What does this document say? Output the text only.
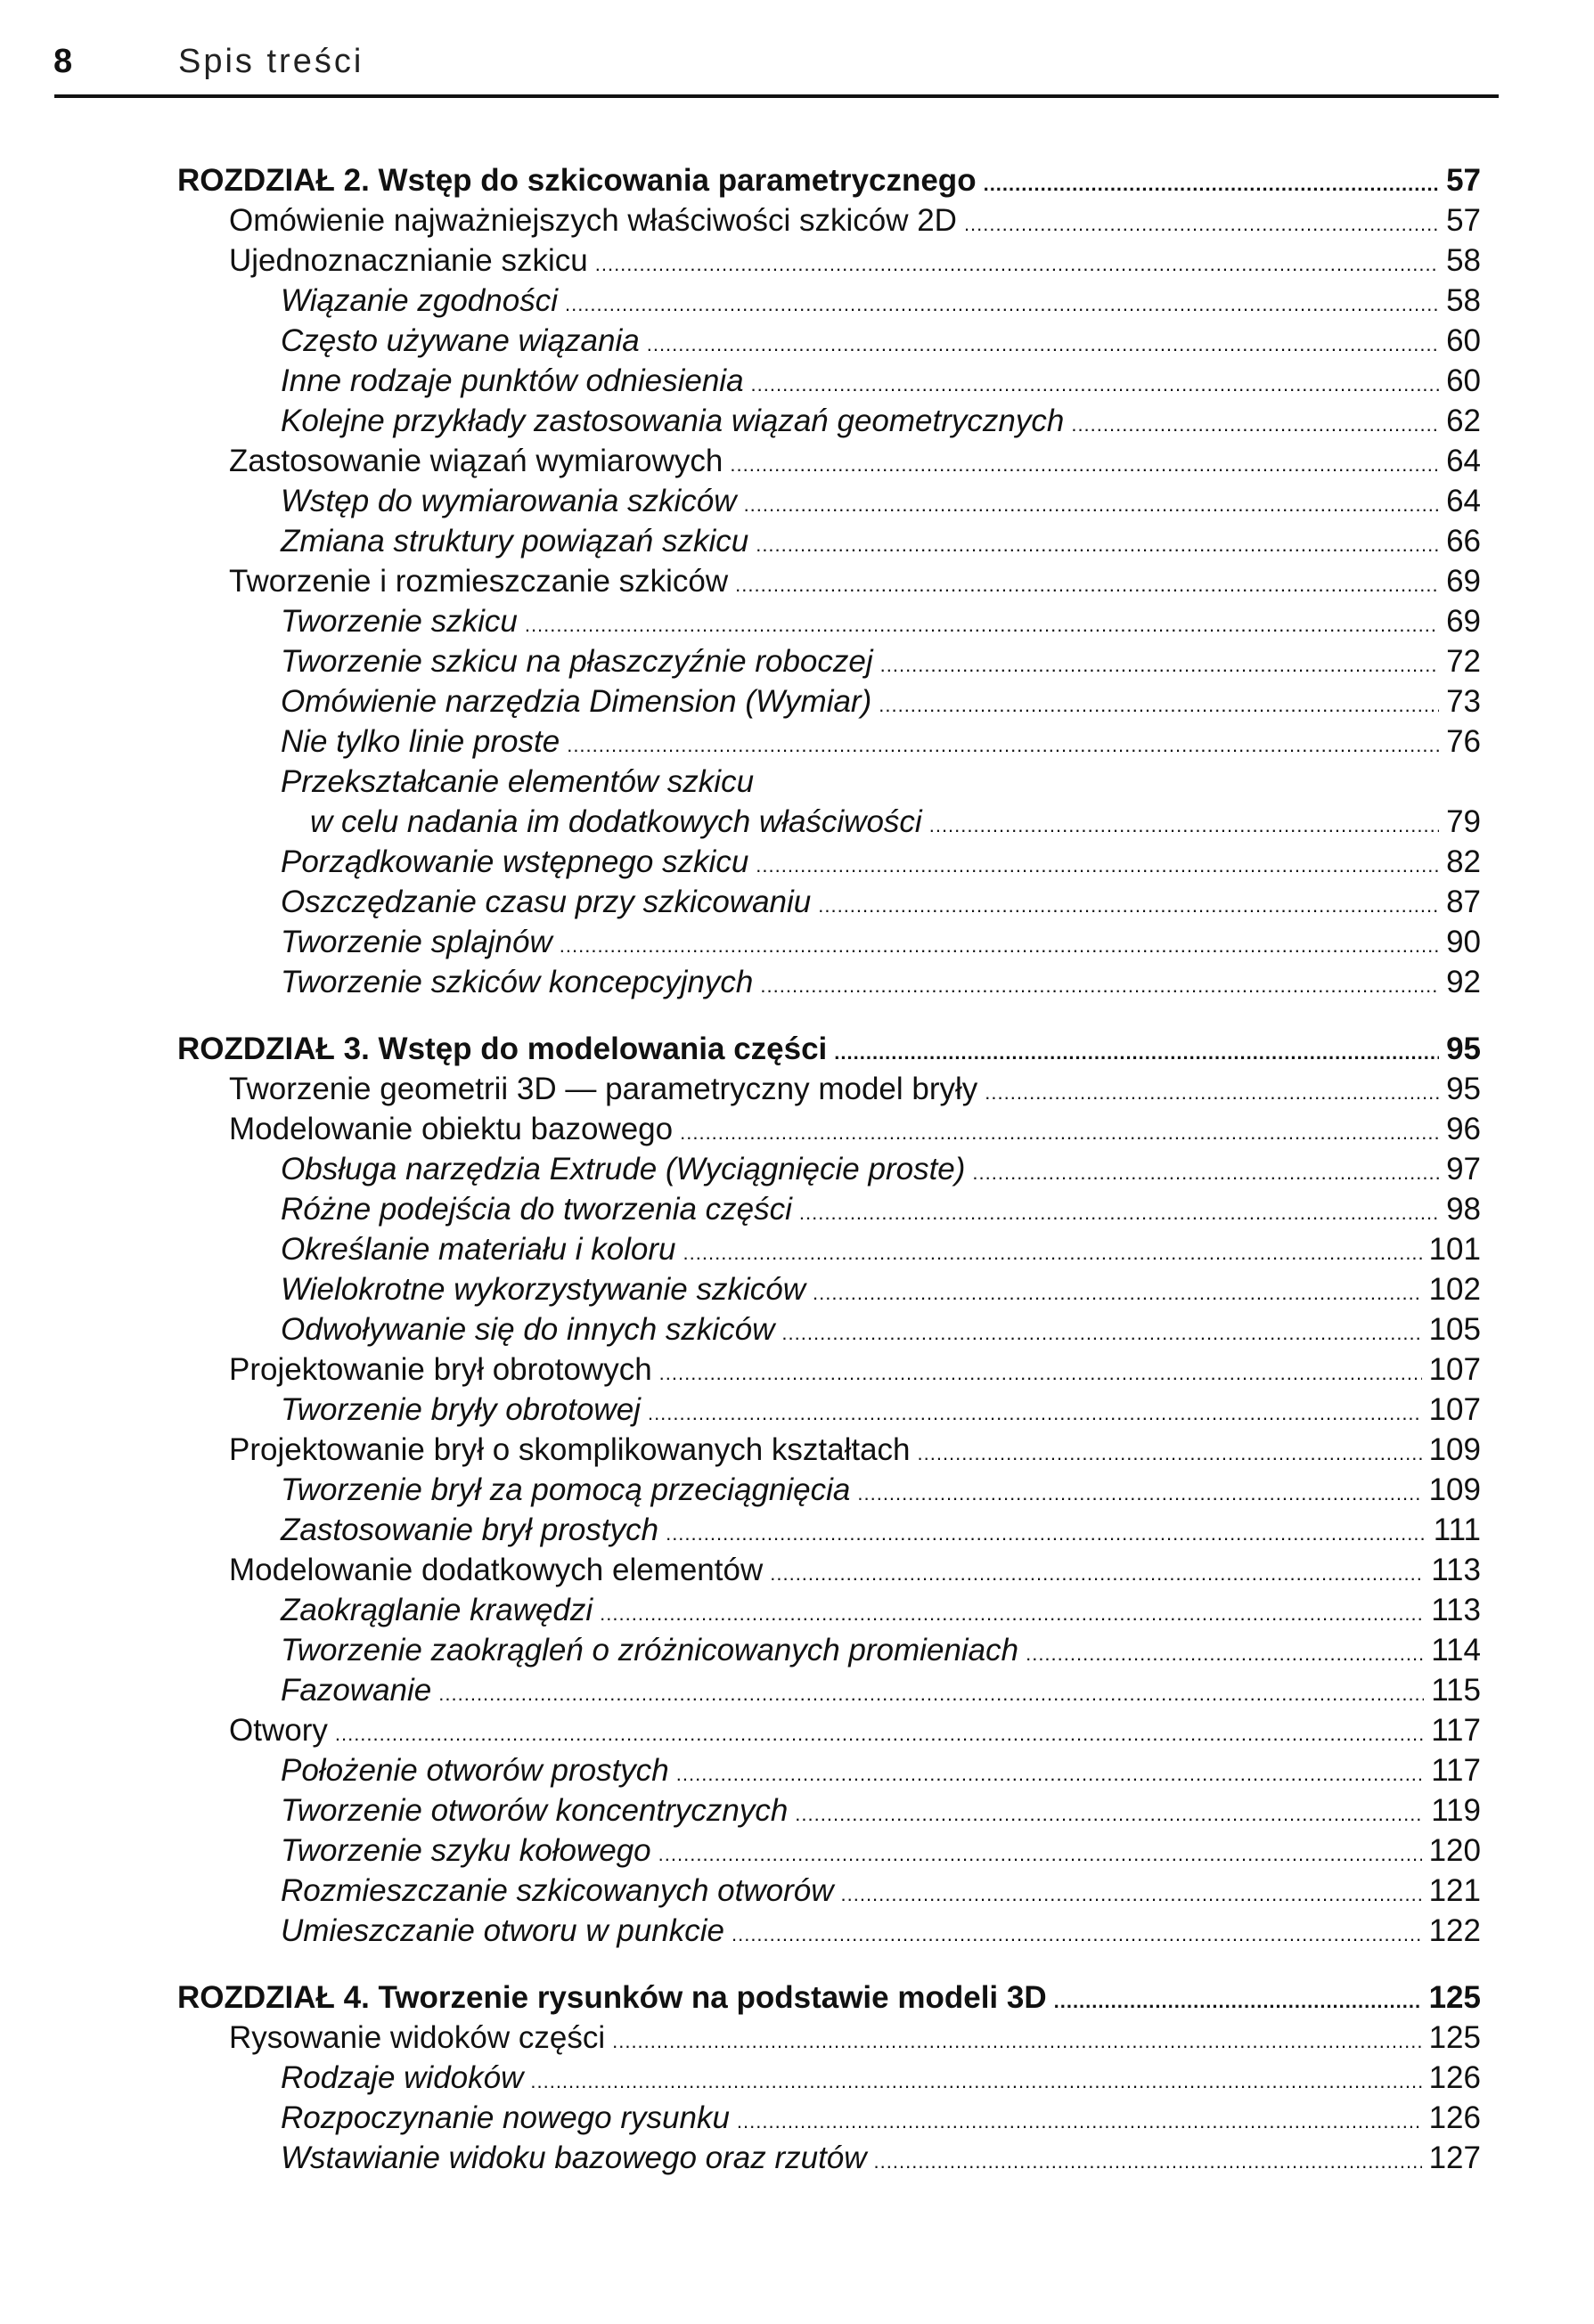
8	Spis treści
ROZDZIAŁ 2. Wstęp do szkicowania parametrycznego .....	57
Omówienie najważniejszych właściwości szkiców 2D .....	57
Ujednoznacznianie szkicu .....	58
Wiązanie zgodności .....	58
Często używane wiązania .....	60
Inne rodzaje punktów odniesienia .....	60
Kolejne przykłady zastosowania wiązań geometrycznych .....	62
Zastosowanie wiązań wymiarowych .....	64
Wstęp do wymiarowania szkiców .....	64
Zmiana struktury powiązań szkicu .....	66
Tworzenie i rozmieszczanie szkiców .....	69
Tworzenie szkicu .....	69
Tworzenie szkicu na płaszczyźnie roboczej .....	72
Omówienie narzędzia Dimension (Wymiar) .....	73
Nie tylko linie proste .....	76
Przekształcanie elementów szkicu
w celu nadania im dodatkowych właściwości .....	79
Porządkowanie wstępnego szkicu .....	82
Oszczędzanie czasu przy szkicowaniu .....	87
Tworzenie splajnów .....	90
Tworzenie szkiców koncepcyjnych .....	92
ROZDZIAŁ 3. Wstęp do modelowania części .....	95
Tworzenie geometrii 3D — parametryczny model bryły .....	95
Modelowanie obiektu bazowego .....	96
Obsługa narzędzia Extrude (Wyciągnięcie proste) .....	97
Różne podejścia do tworzenia części .....	98
Określanie materiału i koloru .....	101
Wielokrotne wykorzystywanie szkiców .....	102
Odwoływanie się do innych szkiców .....	105
Projektowanie brył obrotowych .....	107
Tworzenie bryły obrotowej .....	107
Projektowanie brył o skomplikowanych kształtach .....	109
Tworzenie brył za pomocą przeciągnięcia .....	109
Zastosowanie brył prostych .....	111
Modelowanie dodatkowych elementów .....	113
Zaokrąglanie krawędzi .....	113
Tworzenie zaokrągleń o zróżnicowanych promieniach .....	114
Fazowanie .....	115
Otwory .....	117
Położenie otworów prostych .....	117
Tworzenie otworów koncentrycznych .....	119
Tworzenie szyku kołowego .....	120
Rozmieszczanie szkicowanych otworów .....	121
Umieszczanie otworu w punkcie .....	122
ROZDZIAŁ 4. Tworzenie rysunków na podstawie modeli 3D .....	125
Rysowanie widoków części .....	125
Rodzaje widoków .....	126
Rozpoczynanie nowego rysunku .....	126
Wstawianie widoku bazowego oraz rzutów .....	127
